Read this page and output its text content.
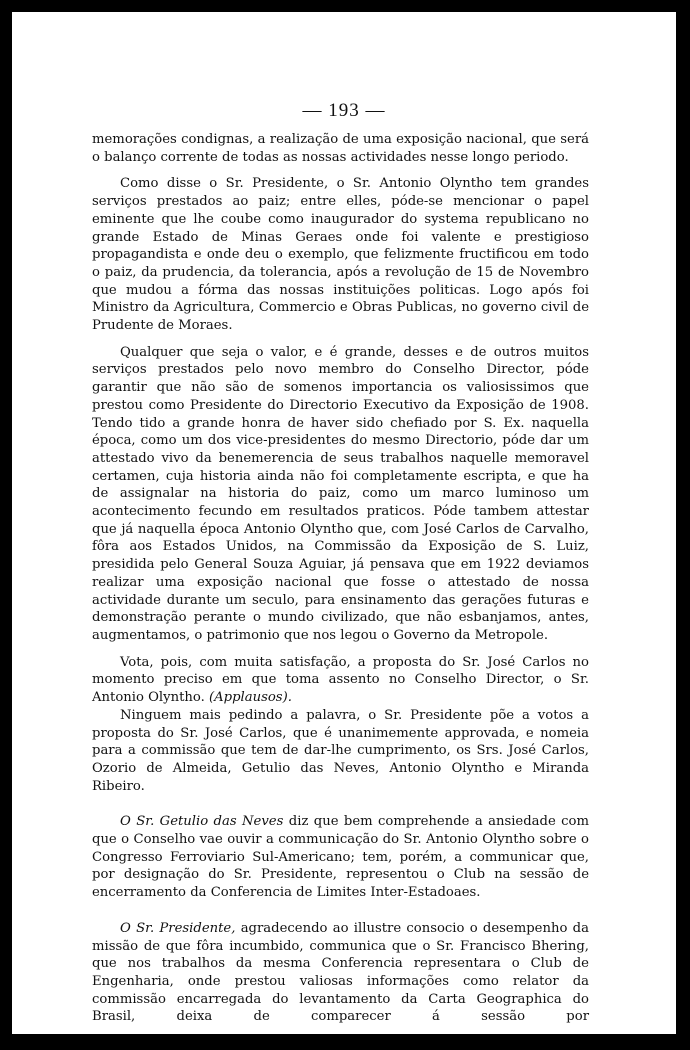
— 193 —

memorações condignas, a realização de uma exposição nacional, que será o balanço corrente de todas as nossas actividades nesse longo periodo.

Como disse o Sr. Presidente, o Sr. Antonio Olyntho tem grandes serviços prestados ao paiz; entre elles, póde-se mencionar o papel eminente que lhe coube como inaugurador do systema republicano no grande Estado de Minas Geraes onde foi valente e prestigioso propagandista e onde deu o exemplo, que felizmente fructificou em todo o paiz, da prudencia, da tolerancia, após a revolução de 15 de Novembro que mudou a fórma das nossas instituições politicas. Logo após foi Ministro da Agricultura, Commercio e Obras Publicas, no governo civil de Prudente de Moraes.

Qualquer que seja o valor, e é grande, desses e de outros muitos serviços prestados pelo novo membro do Conselho Director, póde garantir que não são de somenos importancia os valiosissimos que prestou como Presidente do Directorio Executivo da Exposição de 1908. Tendo tido a grande honra de haver sido chefiado por S. Ex. naquella época, como um dos vice-presidentes do mesmo Directorio, póde dar um attestado vivo da benemerencia de seus trabalhos naquelle memoravel certamen, cuja historia ainda não foi completamente escripta, e que ha de assignalar na historia do paiz, como um marco luminoso um acontecimento fecundo em resultados praticos. Póde tambem attestar que já naquella época Antonio Olyntho que, com José Carlos de Carvalho, fôra aos Estados Unidos, na Commissão da Exposição de S. Luiz, presidida pelo General Souza Aguiar, já pensava que em 1922 deviamos realizar uma exposição nacional que fosse o attestado de nossa actividade durante um seculo, para ensinamento das gerações futuras e demonstração perante o mundo civilizado, que não esbanjamos, antes, augmentamos, o patrimonio que nos legou o Governo da Metropole.

Vota, pois, com muita satisfação, a proposta do Sr. José Carlos no momento preciso em que toma assento no Conselho Director, o Sr. Antonio Olyntho. (Applausos).

Ninguem mais pedindo a palavra, o Sr. Presidente põe a votos a proposta do Sr. José Carlos, que é unanimemente approvada, e nomeia para a commissão que tem de dar-lhe cumprimento, os Srs. José Carlos, Ozorio de Almeida, Getulio das Neves, Antonio Olyntho e Miranda Ribeiro.

O Sr. Getulio das Neves diz que bem comprehende a ansiedade com que o Conselho vae ouvir a communicação do Sr. Antonio Olyntho sobre o Congresso Ferroviario Sul-Americano; tem, porém, a communicar que, por designação do Sr. Presidente, representou o Club na sessão de encerramento da Conferencia de Limites Inter-Estadoaes.

O Sr. Presidente, agradecendo ao illustre consocio o desempenho da missão de que fôra incumbido, communica que o Sr. Francisco Bhering, que nos trabalhos da mesma Conferencia representara o Club de Engenharia, onde prestou valiosas informações como relator da commissão encarregada do levantamento da Carta Geographica do Brasil, deixa de comparecer á sessão por
